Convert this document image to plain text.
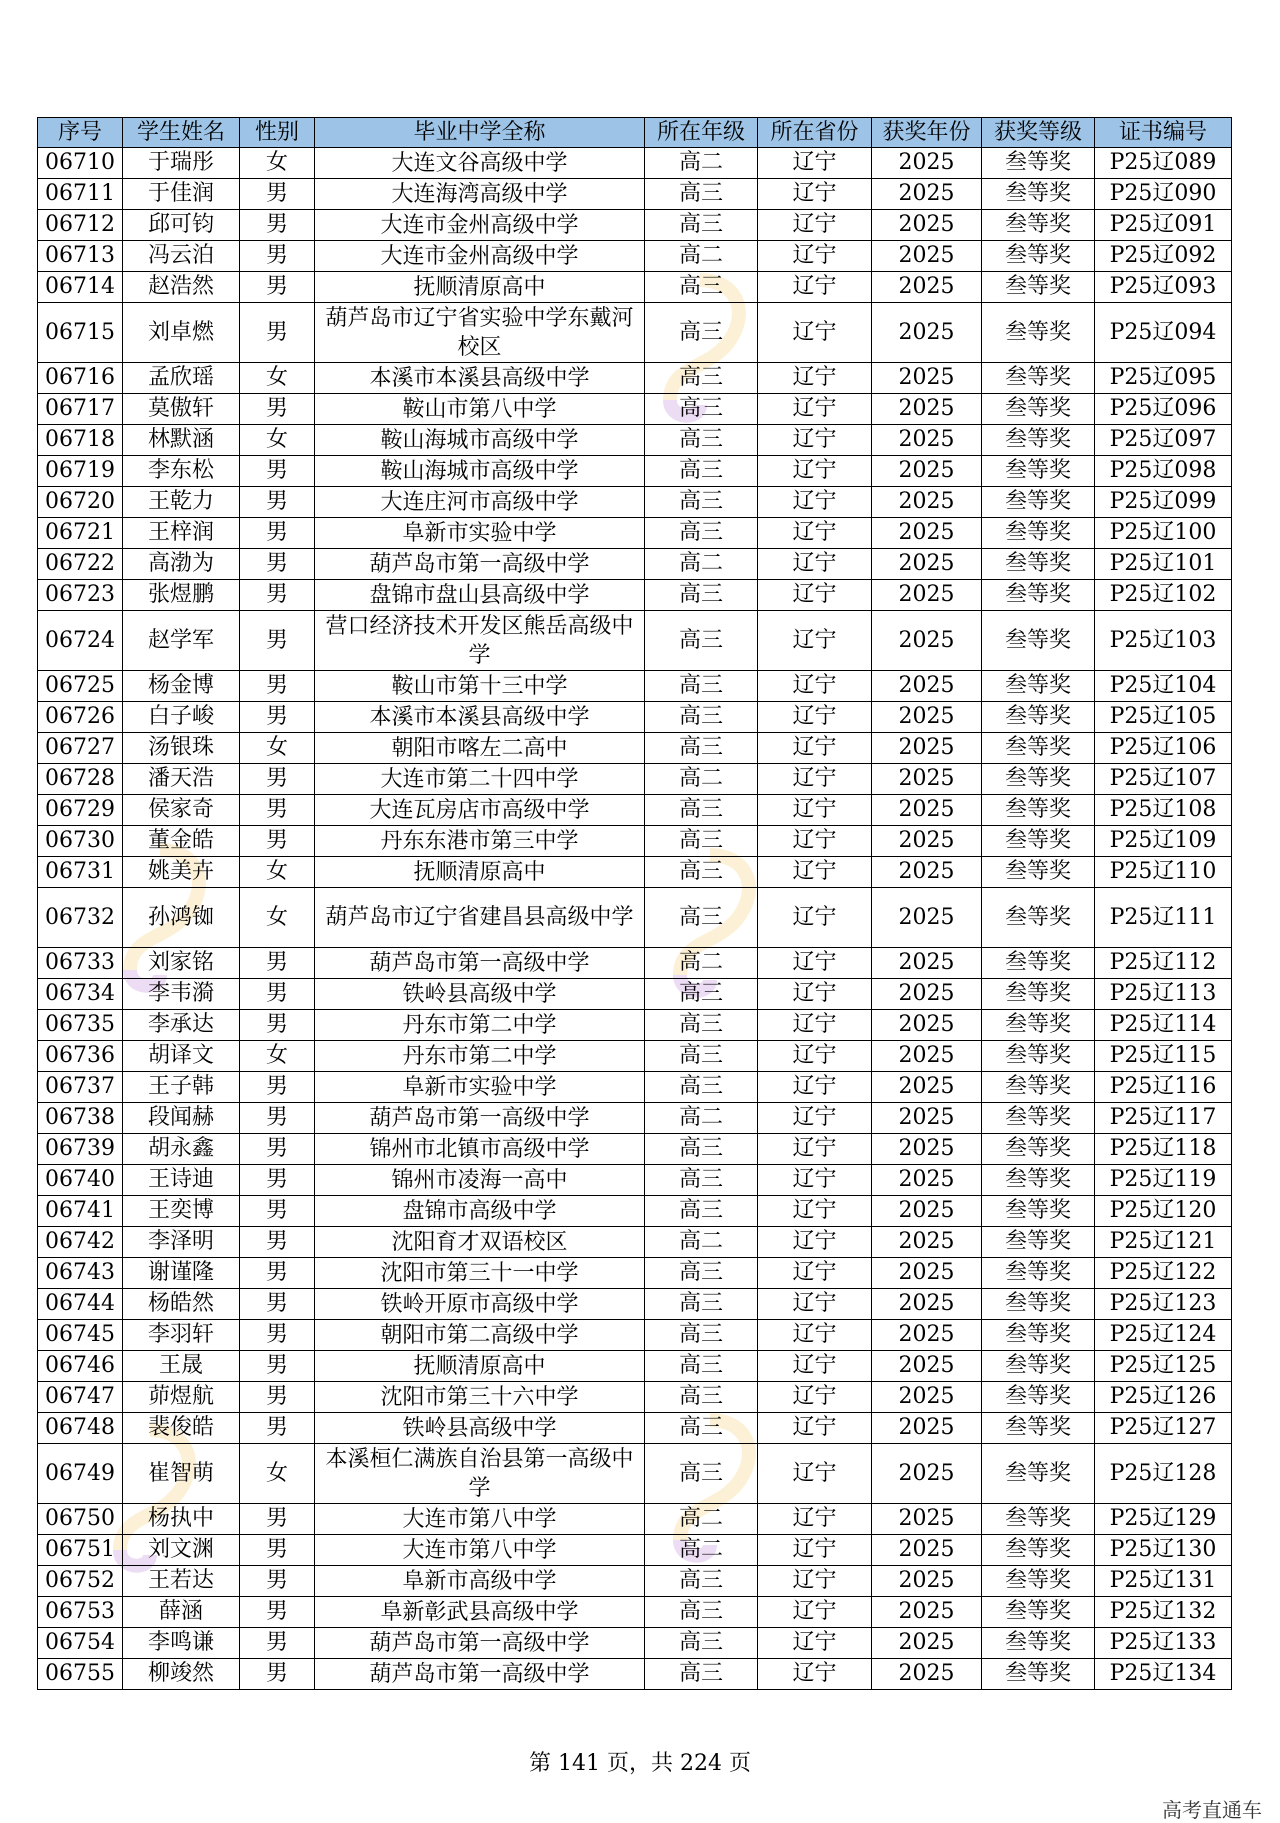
序号	学生姓名	性别	毕业中学全称	所在年级	所在省份	获奖年份	获奖等级	证书编号
06710	于瑞彤	女	大连文谷高级中学	高二	辽宁	2025	叁等奖	P25辽089
06711	于佳润	男	大连海湾高级中学	高三	辽宁	2025	叁等奖	P25辽090
06712	邱可钧	男	大连市金州高级中学	高三	辽宁	2025	叁等奖	P25辽091
06713	冯云泊	男	大连市金州高级中学	高二	辽宁	2025	叁等奖	P25辽092
06714	赵浩然	男	抚顺清原高中	高三	辽宁	2025	叁等奖	P25辽093
06715	刘卓燃	男	葫芦岛市辽宁省实验中学东戴河校区	高三	辽宁	2025	叁等奖	P25辽094
06716	孟欣瑶	女	本溪市本溪县高级中学	高三	辽宁	2025	叁等奖	P25辽095
06717	莫傲轩	男	鞍山市第八中学	高三	辽宁	2025	叁等奖	P25辽096
06718	林默涵	女	鞍山海城市高级中学	高三	辽宁	2025	叁等奖	P25辽097
06719	李东松	男	鞍山海城市高级中学	高三	辽宁	2025	叁等奖	P25辽098
06720	王乾力	男	大连庄河市高级中学	高三	辽宁	2025	叁等奖	P25辽099
06721	王梓润	男	阜新市实验中学	高三	辽宁	2025	叁等奖	P25辽100
06722	高渤为	男	葫芦岛市第一高级中学	高二	辽宁	2025	叁等奖	P25辽101
06723	张煜鹏	男	盘锦市盘山县高级中学	高三	辽宁	2025	叁等奖	P25辽102
06724	赵学军	男	营口经济技术开发区熊岳高级中学	高三	辽宁	2025	叁等奖	P25辽103
06725	杨金博	男	鞍山市第十三中学	高三	辽宁	2025	叁等奖	P25辽104
06726	白子峻	男	本溪市本溪县高级中学	高三	辽宁	2025	叁等奖	P25辽105
06727	汤银珠	女	朝阳市喀左二高中	高三	辽宁	2025	叁等奖	P25辽106
06728	潘天浩	男	大连市第二十四中学	高二	辽宁	2025	叁等奖	P25辽107
06729	侯家奇	男	大连瓦房店市高级中学	高三	辽宁	2025	叁等奖	P25辽108
06730	董金皓	男	丹东东港市第三中学	高三	辽宁	2025	叁等奖	P25辽109
06731	姚美卉	女	抚顺清原高中	高三	辽宁	2025	叁等奖	P25辽110
06732	孙鸿铷	女	葫芦岛市辽宁省建昌县高级中学	高三	辽宁	2025	叁等奖	P25辽111
06733	刘家铭	男	葫芦岛市第一高级中学	高二	辽宁	2025	叁等奖	P25辽112
06734	李韦漪	男	铁岭县高级中学	高三	辽宁	2025	叁等奖	P25辽113
06735	李承达	男	丹东市第二中学	高三	辽宁	2025	叁等奖	P25辽114
06736	胡译文	女	丹东市第二中学	高三	辽宁	2025	叁等奖	P25辽115
06737	王子韩	男	阜新市实验中学	高三	辽宁	2025	叁等奖	P25辽116
06738	段闻赫	男	葫芦岛市第一高级中学	高二	辽宁	2025	叁等奖	P25辽117
06739	胡永鑫	男	锦州市北镇市高级中学	高三	辽宁	2025	叁等奖	P25辽118
06740	王诗迪	男	锦州市凌海一高中	高三	辽宁	2025	叁等奖	P25辽119
06741	王奕博	男	盘锦市高级中学	高三	辽宁	2025	叁等奖	P25辽120
06742	李泽明	男	沈阳育才双语校区	高二	辽宁	2025	叁等奖	P25辽121
06743	谢谨隆	男	沈阳市第三十一中学	高三	辽宁	2025	叁等奖	P25辽122
06744	杨皓然	男	铁岭开原市高级中学	高三	辽宁	2025	叁等奖	P25辽123
06745	李羽轩	男	朝阳市第二高级中学	高三	辽宁	2025	叁等奖	P25辽124
06746	王晟	男	抚顺清原高中	高三	辽宁	2025	叁等奖	P25辽125
06747	茆煜航	男	沈阳市第三十六中学	高三	辽宁	2025	叁等奖	P25辽126
06748	裴俊皓	男	铁岭县高级中学	高三	辽宁	2025	叁等奖	P25辽127
06749	崔智萌	女	本溪桓仁满族自治县第一高级中学	高三	辽宁	2025	叁等奖	P25辽128
06750	杨执中	男	大连市第八中学	高二	辽宁	2025	叁等奖	P25辽129
06751	刘文渊	男	大连市第八中学	高二	辽宁	2025	叁等奖	P25辽130
06752	王若达	男	阜新市高级中学	高三	辽宁	2025	叁等奖	P25辽131
06753	薛涵	男	阜新彰武县高级中学	高三	辽宁	2025	叁等奖	P25辽132
06754	李鸣谦	男	葫芦岛市第一高级中学	高三	辽宁	2025	叁等奖	P25辽133
06755	柳竣然	男	葫芦岛市第一高级中学	高三	辽宁	2025	叁等奖	P25辽134
第 141 页，共 224 页
高考直通车
